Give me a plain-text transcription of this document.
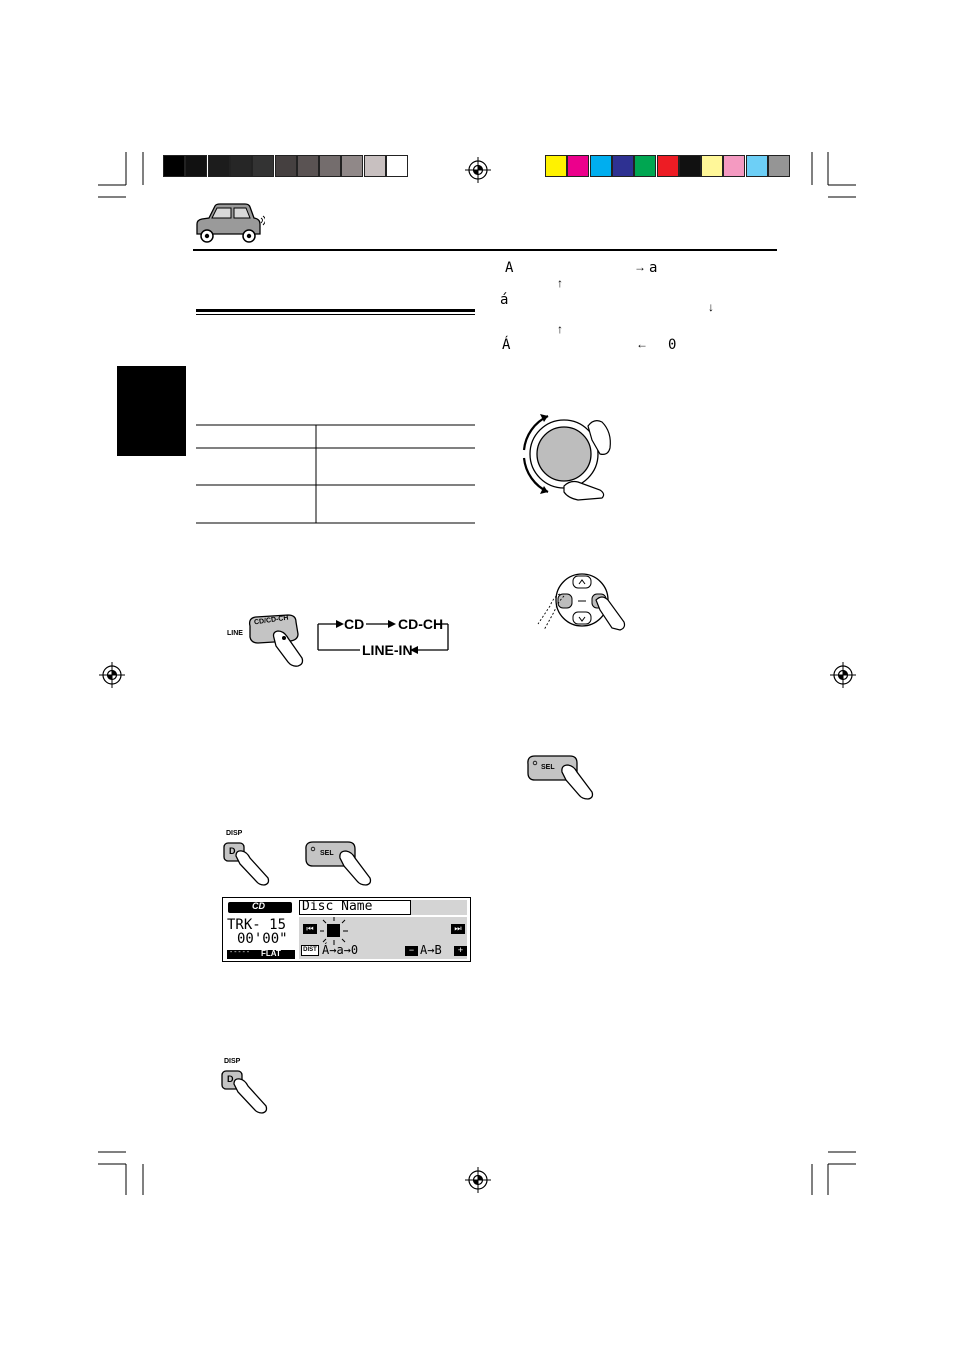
LINE
CD/CD-CH	CD CD-CH
LINE-IN
DISP
D	SEL
CD	Disc Name
TRK- 15
00'00"
----- FLAT
⏮	⏭
DIST Á→a→0	− A→B	+
DISP
D
A	→ a
↑
á	↓
↑
Á	← 0
SEL
